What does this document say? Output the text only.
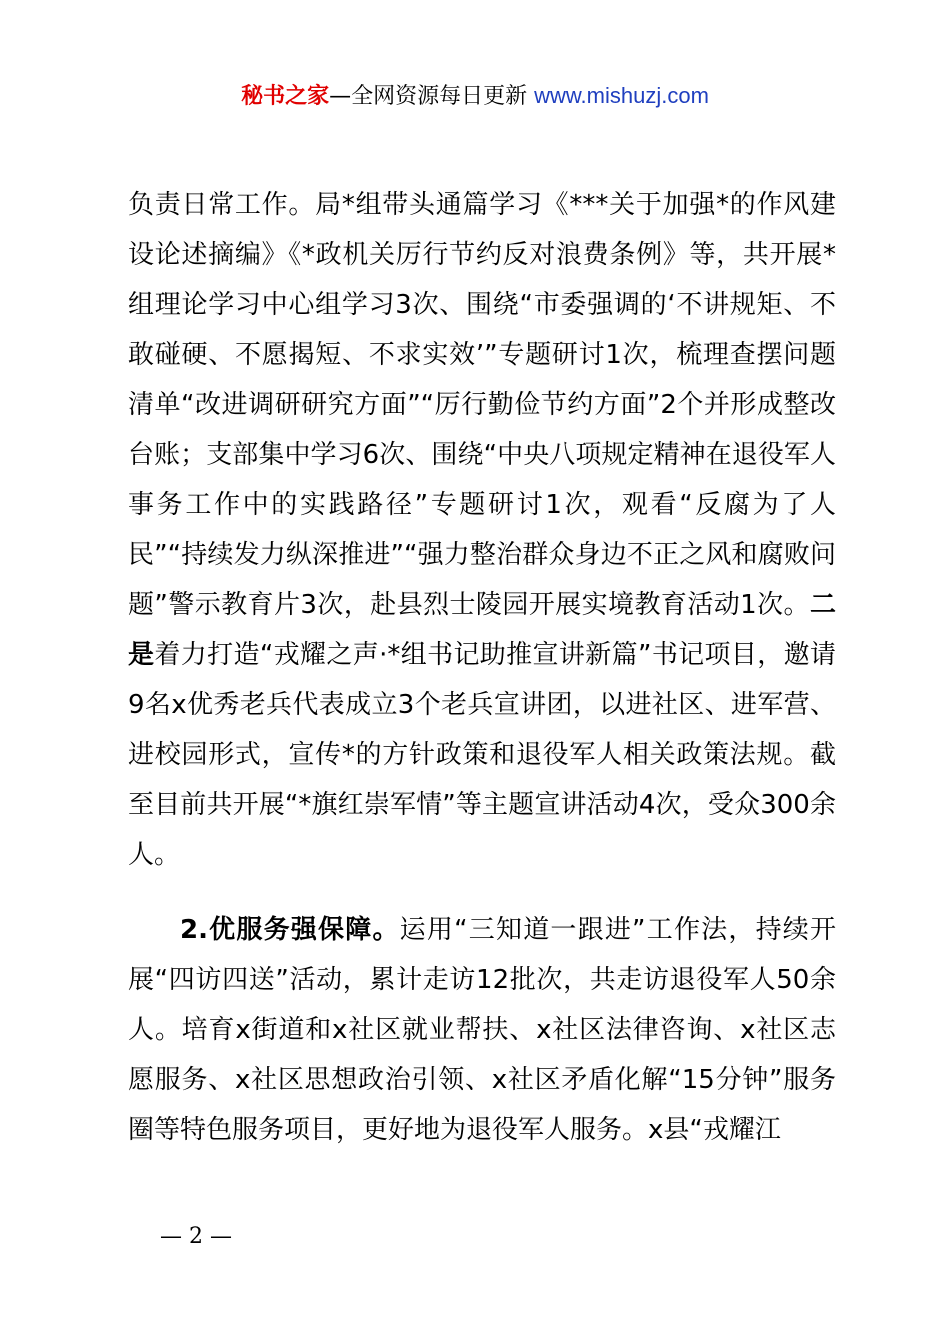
秘书之家—全网资源每日更新 www.mishuzj.com

负责日常工作。局*组带头通篇学习《***关于加强*的作风建设论述摘编》《*政机关厉行节约反对浪费条例》等，共开展*组理论学习中心组学习3次、围绕“市委强调的‘不讲规矩、不敢碰硬、不愿揭短、不求实效’”专题研讨1次，梳理查摆问题清单“改进调研研究方面”“厉行勤俭节约方面”2个并形成整改台账；支部集中学习6次、围绕“中央八项规定精神在退役军人事务工作中的实践路径”专题研讨1次，观看“反腐为了人民”“持续发力纵深推进”“强力整治群众身边不正之风和腐败问题”警示教育片3次，赴县烈士陵园开展实境教育活动1次。二是着力打造“戎耀之声·*组书记助推宣讲新篇”书记项目，邀请9名x优秀老兵代表成立3个老兵宣讲团，以进社区、进军营、进校园形式，宣传*的方针政策和退役军人相关政策法规。截至目前共开展“*旗红崇军情”等主题宣讲活动4次，受众300余人。

2.优服务强保障。运用“三知道一跟进”工作法，持续开展“四访四送”活动，累计走访12批次，共走访退役军人50余人。培育x街道和x社区就业帮扶、x社区法律咨询、x社区志愿服务、x社区思想政治引领、x社区矛盾化解“15分钟”服务圈等特色服务项目，更好地为退役军人服务。x县“戎耀江

— 2 —
